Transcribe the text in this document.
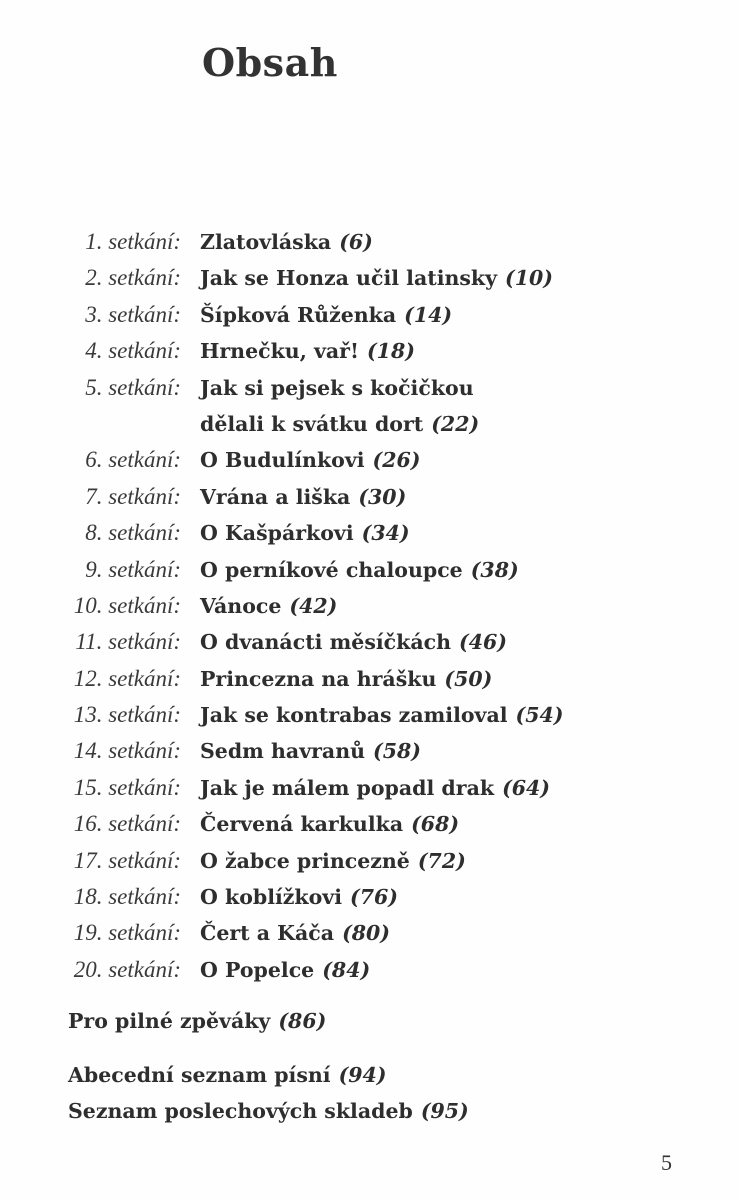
Obsah
1. setkání: Zlatovláska (6)
2. setkání: Jak se Honza učil latinsky (10)
3. setkání: Šípková Růženka (14)
4. setkání: Hrnečku, vař! (18)
5. setkání: Jak si pejsek s kočičkou
dělali k svátku dort (22)
6. setkání: O Budulínkovi (26)
7. setkání: Vrána a liška (30)
8. setkání: O Kašpárkovi (34)
9. setkání: O perníkové chaloupce (38)
10. setkání: Vánoce (42)
11. setkání: O dvanácti měsíčkách (46)
12. setkání: Princezna na hrášku (50)
13. setkání: Jak se kontrabas zamiloval (54)
14. setkání: Sedm havranů (58)
15. setkání: Jak je málem popadl drak (64)
16. setkání: Červená karkulka (68)
17. setkání: O žabce princezně (72)
18. setkání: O koblížkovi (76)
19. setkání: Čert a Káča (80)
20. setkání: O Popelce (84)
Pro pilné zpěváky (86)
Abecední seznam písní (94)
Seznam poslechových skladeb (95)
5
